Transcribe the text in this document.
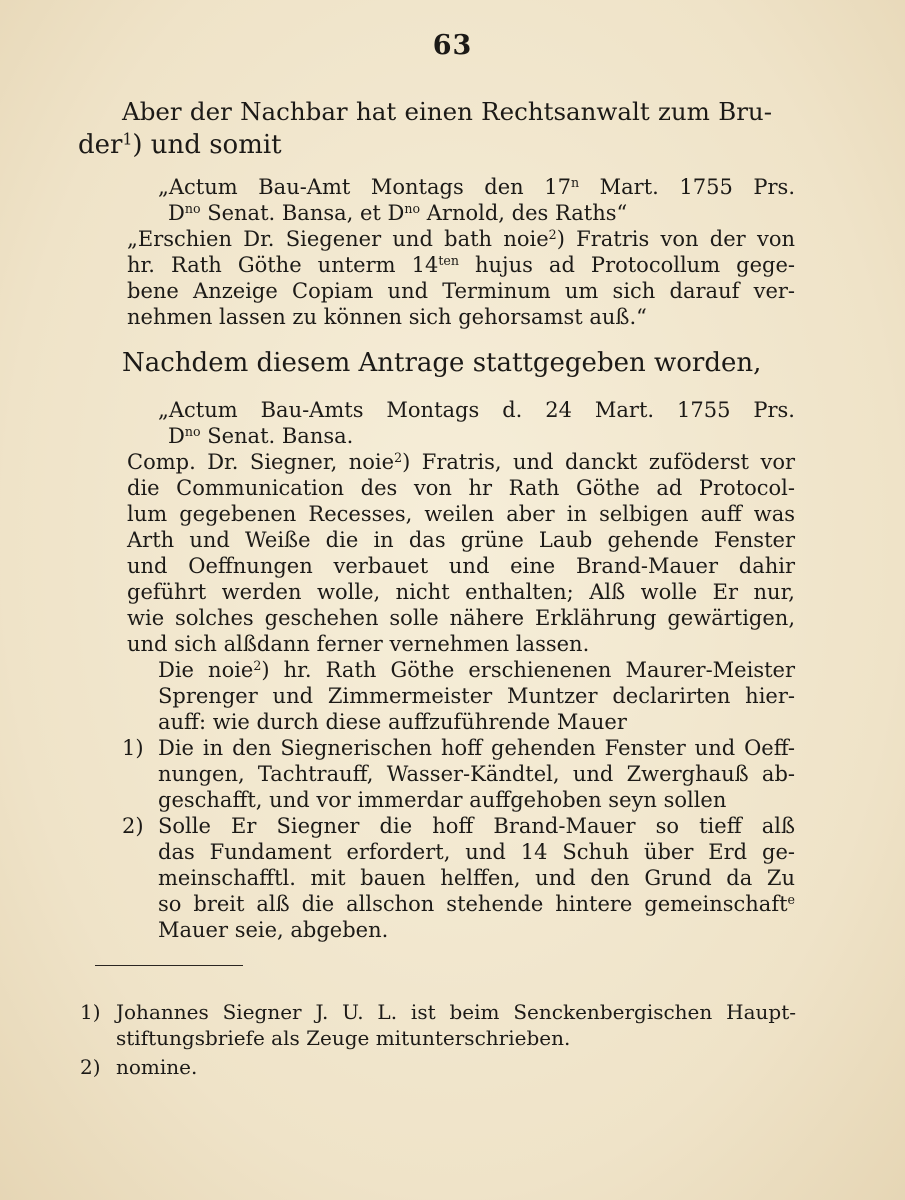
63
Aber der Nachbar hat einen Rechtsanwalt zum Bru-
der$^1$) und somit
„Actum Bau-Amt Montags den 17$^n$ Mart. 1755 Prs.
$D^{no}$ Senat. Bansa, et $D^{no}$ Arnold, des Raths“
„Erschien Dr. Siegener und bath noie$^2$) Fratris von der von
hr. Rath Göthe unterm $14^{ten}$ hujus ad Protocollum gege-
bene Anzeige Copiam und Terminum um sich darauf ver-
nehmen lassen zu können sich gehorsamst auß.“
Nachdem diesem Antrage stattgegeben worden,
„Actum Bau-Amts Montags d. 24 Mart. 1755 Prs.
$D^{no}$ Senat. Bansa.
Comp. Dr. Siegner, noie$^2$) Fratris, und danckt zuföderst vor
die Communication des von hr Rath Göthe ad Protocol-
lum gegebenen Recesses, weilen aber in selbigen auff was
Arth und Weiße die in das grüne Laub gehende Fenster
und Oeffnungen verbauet und eine Brand-Mauer dahir
geführt werden wolle, nicht enthalten; Alß wolle Er nur,
wie solches geschehen solle nähere Erklährung gewärtigen,
und sich alßdann ferner vernehmen lassen.
Die noie$^2$) hr. Rath Göthe erschienenen Maurer-Meister
Sprenger und Zimmermeister Muntzer declarirten hier-
auff: wie durch diese auffzuführende Mauer
1) Die in den Siegnerischen hoff gehenden Fenster und Oeff-
nungen, Tachtrauff, Wasser-Kändtel, und Zwerghauß ab-
geschafft, und vor immerdar auffgehoben seyn sollen
2) Solle Er Siegner die hoff Brand-Mauer so tieff alß
das Fundament erfordert, und 14 Schuh über Erd ge-
meinschafftl. mit bauen helffen, und den Grund da Zu
so breit alß die allschon stehende hintere gemeinschaft$^e$
Mauer seie, abgeben.
1) Johannes Siegner J. U. L. ist beim Senckenbergischen Haupt-
stiftungsbriefe als Zeuge mitunterschrieben.
2) nomine.
